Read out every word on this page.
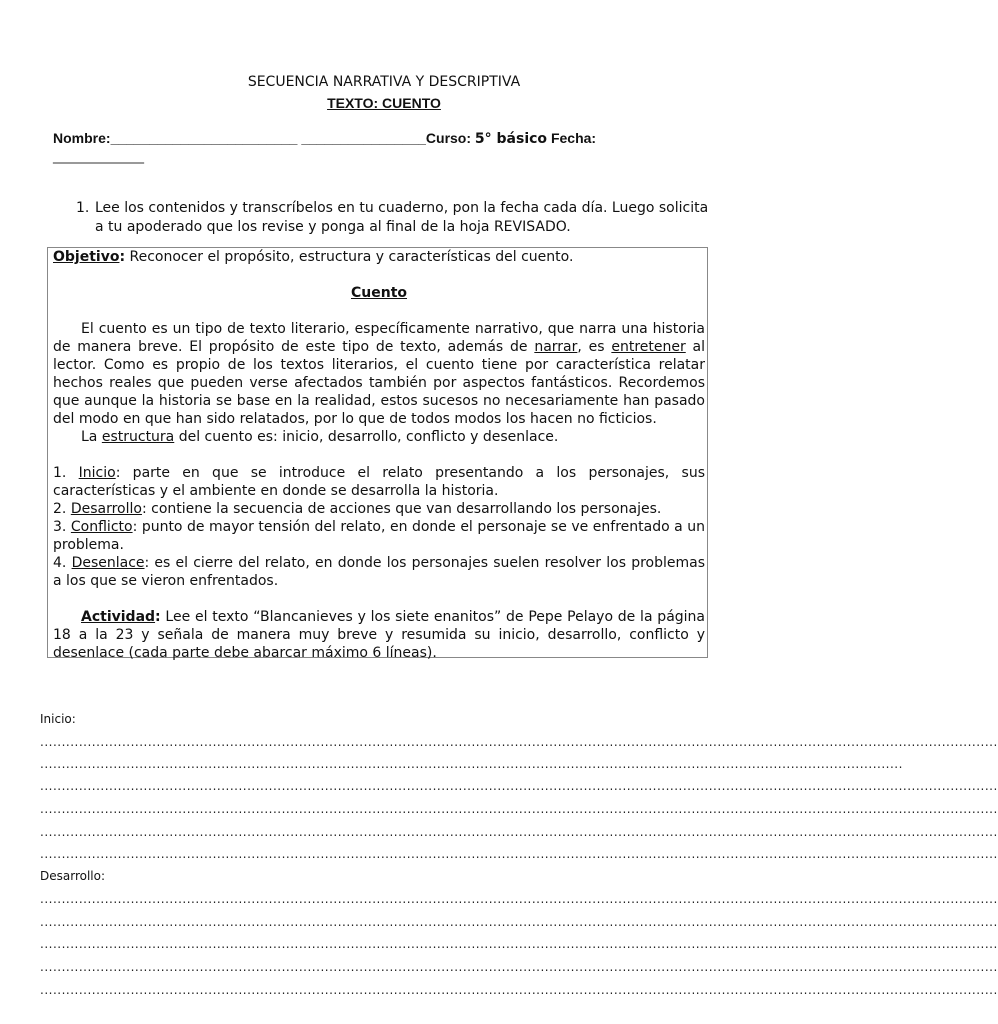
SECUENCIA NARRATIVA Y DESCRIPTIVA
TEXTO: CUENTO
Nombre:________________________ ________________Curso: 5° básico Fecha:
_____________
1. Lee los contenidos y transcríbelos en tu cuaderno, pon la fecha cada día. Luego solicita a tu apoderado que los revise y ponga al final de la hoja REVISADO.

Objetivo: Reconocer el propósito, estructura y características del cuento.

Cuento

El cuento es un tipo de texto literario, específicamente narrativo, que narra una historia de manera breve. El propósito de este tipo de texto, además de narrar, es entretener al lector. Como es propio de los textos literarios, el cuento tiene por característica relatar hechos reales que pueden verse afectados también por aspectos fantásticos. Recordemos que aunque la historia se base en la realidad, estos sucesos no necesariamente han pasado del modo en que han sido relatados, por lo que de todos modos los hacen no ficticios.

La estructura del cuento es: inicio, desarrollo, conflicto y desenlace.

1. Inicio: parte en que se introduce el relato presentando a los personajes, sus características y el ambiente en donde se desarrolla la historia.

2. Desarrollo: contiene la secuencia de acciones que van desarrollando los personajes.

3. Conflicto: punto de mayor tensión del relato, en donde el personaje se ve enfrentado a un problema.

4. Desenlace: es el cierre del relato, en donde los personajes suelen resolver los problemas a los que se vieron enfrentados.

Actividad: Lee el texto “Blancanieves y los siete enanitos” de Pepe Pelayo de la página 18 a la 23 y señala de manera muy breve y resumida su inicio, desarrollo, conflicto y desenlace (cada parte debe abarcar máximo 6 líneas).

Inicio:
..............................................................................................................................................................................................................................
........................................................................................................................................................................................................
..............................................................................................................................................................................................................................
..............................................................................................................................................................................................................................
..............................................................................................................................................................................................................................
..............................................................................................................................................................................................................................
Desarrollo:
..............................................................................................................................................................................................................................
..............................................................................................................................................................................................................................
..............................................................................................................................................................................................................................
..............................................................................................................................................................................................................................
..............................................................................................................................................................................................................................
